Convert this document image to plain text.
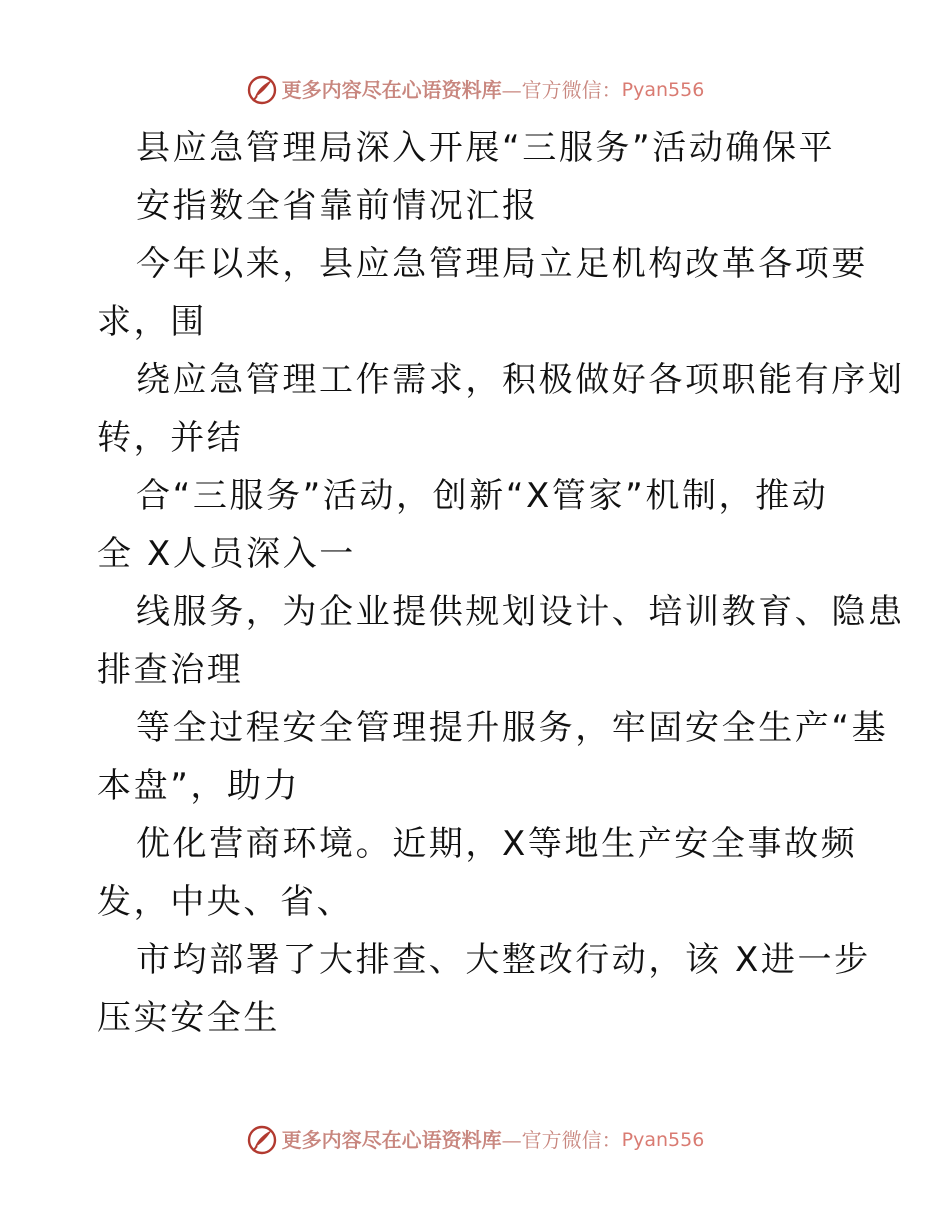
更多内容尽在心语资料库 — 官方微信： Pyan556
县应急管理局深入开展“三服务”活动确保平
安指数全省靠前情况汇报
今年以来，县应急管理局立足机构改革各项要
求，围
绕应急管理工作需求，积极做好各项职能有序划
转，并结
合“三服务”活动，创新“X管家”机制，推动
全 X人员深入一
线服务，为企业提供规划设计、培训教育、隐患
排查治理
等全过程安全管理提升服务，牢固安全生产“基
本盘”，助力
优化营商环境。近期，X等地生产安全事故频
发，中央、省、
市均部署了大排查、大整改行动，该 X进一步
压实安全生
更多内容尽在心语资料库 — 官方微信： Pyan556
